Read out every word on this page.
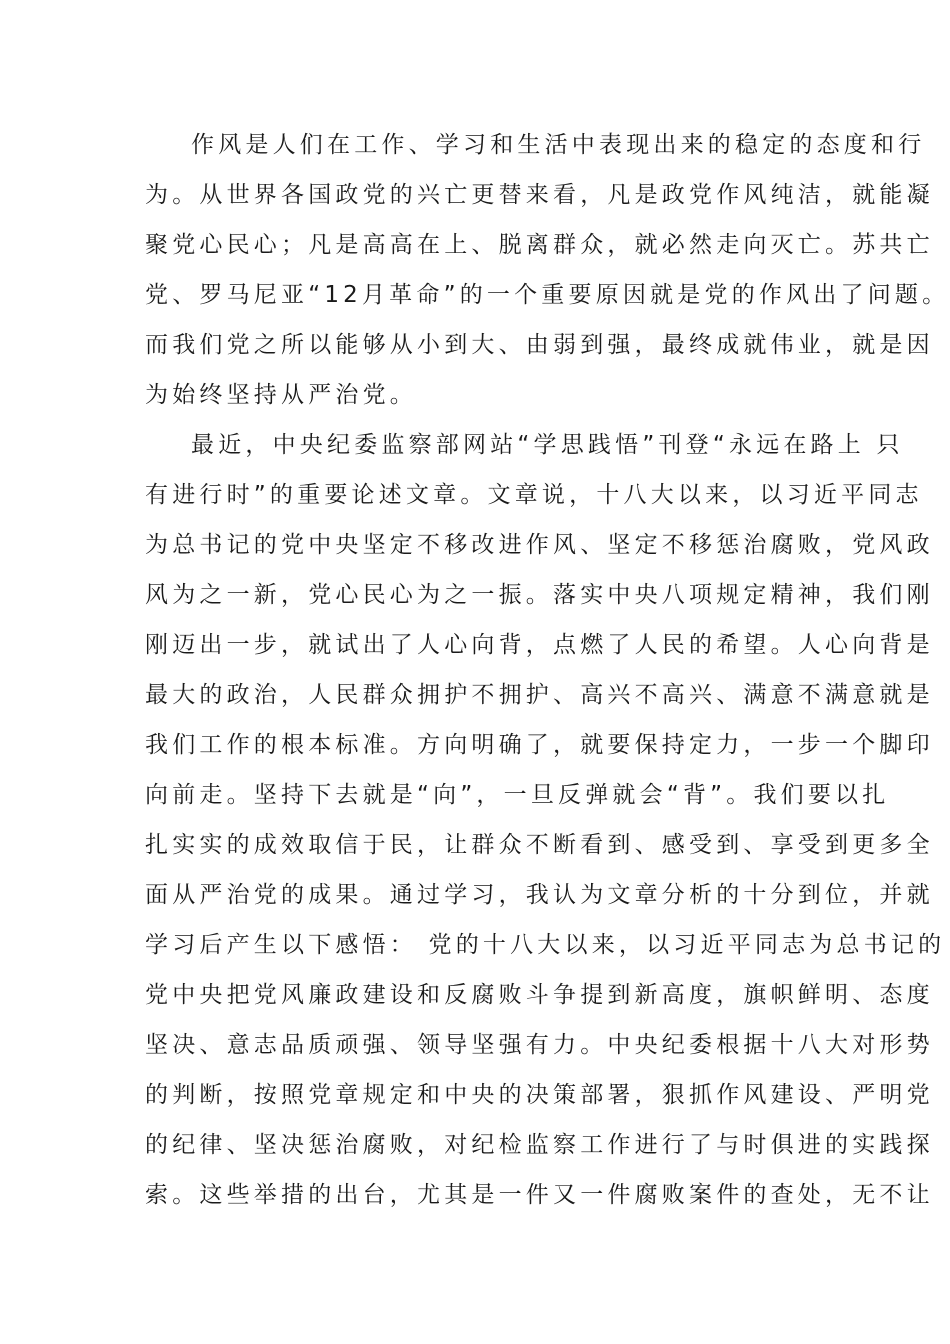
作风是人们在工作、学习和生活中表现出来的稳定的态度和行
为。从世界各国政党的兴亡更替来看，凡是政党作风纯洁，就能凝
聚党心民心；凡是高高在上、脱离群众，就必然走向灭亡。苏共亡
党、罗马尼亚“12月革命”的一个重要原因就是党的作风出了问题。
而我们党之所以能够从小到大、由弱到强，最终成就伟业，就是因
为始终坚持从严治党。
最近，中央纪委监察部网站“学思践悟”刊登“永远在路上 只
有进行时”的重要论述文章。文章说，十八大以来，以习近平同志
为总书记的党中央坚定不移改进作风、坚定不移惩治腐败，党风政
风为之一新，党心民心为之一振。落实中央八项规定精神，我们刚
刚迈出一步，就试出了人心向背，点燃了人民的希望。人心向背是
最大的政治，人民群众拥护不拥护、高兴不高兴、满意不满意就是
我们工作的根本标准。方向明确了，就要保持定力，一步一个脚印
向前走。坚持下去就是“向”，一旦反弹就会“背”。我们要以扎
扎实实的成效取信于民，让群众不断看到、感受到、享受到更多全
面从严治党的成果。通过学习，我认为文章分析的十分到位，并就
学习后产生以下感悟： 党的十八大以来，以习近平同志为总书记的
党中央把党风廉政建设和反腐败斗争提到新高度，旗帜鲜明、态度
坚决、意志品质顽强、领导坚强有力。中央纪委根据十八大对形势
的判断，按照党章规定和中央的决策部署，狠抓作风建设、严明党
的纪律、坚决惩治腐败，对纪检监察工作进行了与时俱进的实践探
索。这些举措的出台，尤其是一件又一件腐败案件的查处，无不让
